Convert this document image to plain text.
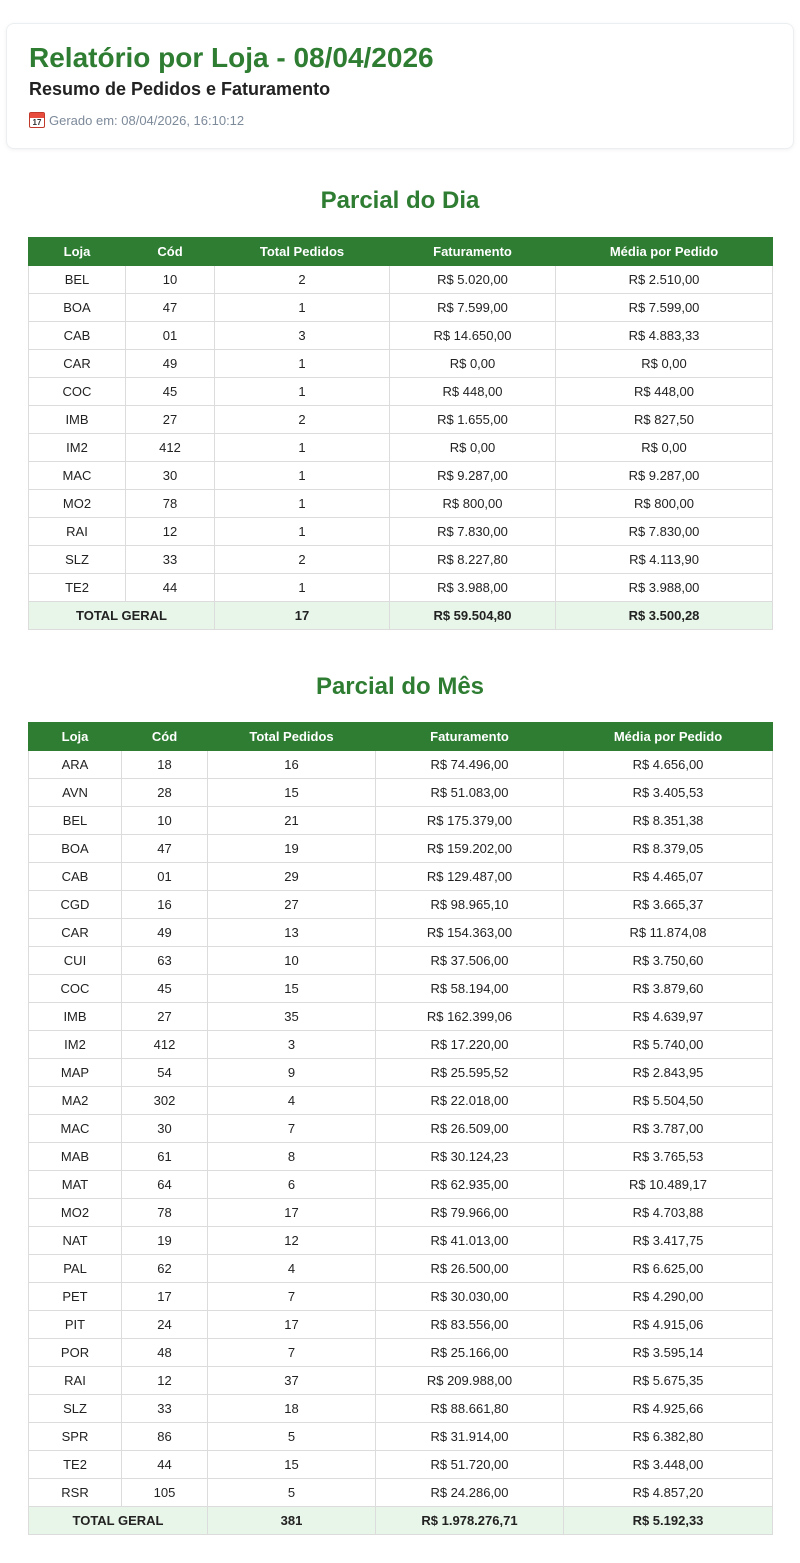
Relatório por Loja - 08/04/2026
Resumo de Pedidos e Faturamento
17 Gerado em: 08/04/2026, 16:10:12
Parcial do Dia
Loja	Cód	Total Pedidos	Faturamento	Média por Pedido
BEL	10	2	R$ 5.020,00	R$ 2.510,00
BOA	47	1	R$ 7.599,00	R$ 7.599,00
CAB	01	3	R$ 14.650,00	R$ 4.883,33
CAR	49	1	R$ 0,00	R$ 0,00
COC	45	1	R$ 448,00	R$ 448,00
IMB	27	2	R$ 1.655,00	R$ 827,50
IM2	412	1	R$ 0,00	R$ 0,00
MAC	30	1	R$ 9.287,00	R$ 9.287,00
MO2	78	1	R$ 800,00	R$ 800,00
RAI	12	1	R$ 7.830,00	R$ 7.830,00
SLZ	33	2	R$ 8.227,80	R$ 4.113,90
TE2	44	1	R$ 3.988,00	R$ 3.988,00
TOTAL GERAL		17	R$ 59.504,80	R$ 3.500,28
Parcial do Mês
Loja	Cód	Total Pedidos	Faturamento	Média por Pedido
ARA	18	16	R$ 74.496,00	R$ 4.656,00
AVN	28	15	R$ 51.083,00	R$ 3.405,53
BEL	10	21	R$ 175.379,00	R$ 8.351,38
BOA	47	19	R$ 159.202,00	R$ 8.379,05
CAB	01	29	R$ 129.487,00	R$ 4.465,07
CGD	16	27	R$ 98.965,10	R$ 3.665,37
CAR	49	13	R$ 154.363,00	R$ 11.874,08
CUI	63	10	R$ 37.506,00	R$ 3.750,60
COC	45	15	R$ 58.194,00	R$ 3.879,60
IMB	27	35	R$ 162.399,06	R$ 4.639,97
IM2	412	3	R$ 17.220,00	R$ 5.740,00
MAP	54	9	R$ 25.595,52	R$ 2.843,95
MA2	302	4	R$ 22.018,00	R$ 5.504,50
MAC	30	7	R$ 26.509,00	R$ 3.787,00
MAB	61	8	R$ 30.124,23	R$ 3.765,53
MAT	64	6	R$ 62.935,00	R$ 10.489,17
MO2	78	17	R$ 79.966,00	R$ 4.703,88
NAT	19	12	R$ 41.013,00	R$ 3.417,75
PAL	62	4	R$ 26.500,00	R$ 6.625,00
PET	17	7	R$ 30.030,00	R$ 4.290,00
PIT	24	17	R$ 83.556,00	R$ 4.915,06
POR	48	7	R$ 25.166,00	R$ 3.595,14
RAI	12	37	R$ 209.988,00	R$ 5.675,35
SLZ	33	18	R$ 88.661,80	R$ 4.925,66
SPR	86	5	R$ 31.914,00	R$ 6.382,80
TE2	44	15	R$ 51.720,00	R$ 3.448,00
RSR	105	5	R$ 24.286,00	R$ 4.857,20
TOTAL GERAL		381	R$ 1.978.276,71	R$ 5.192,33
